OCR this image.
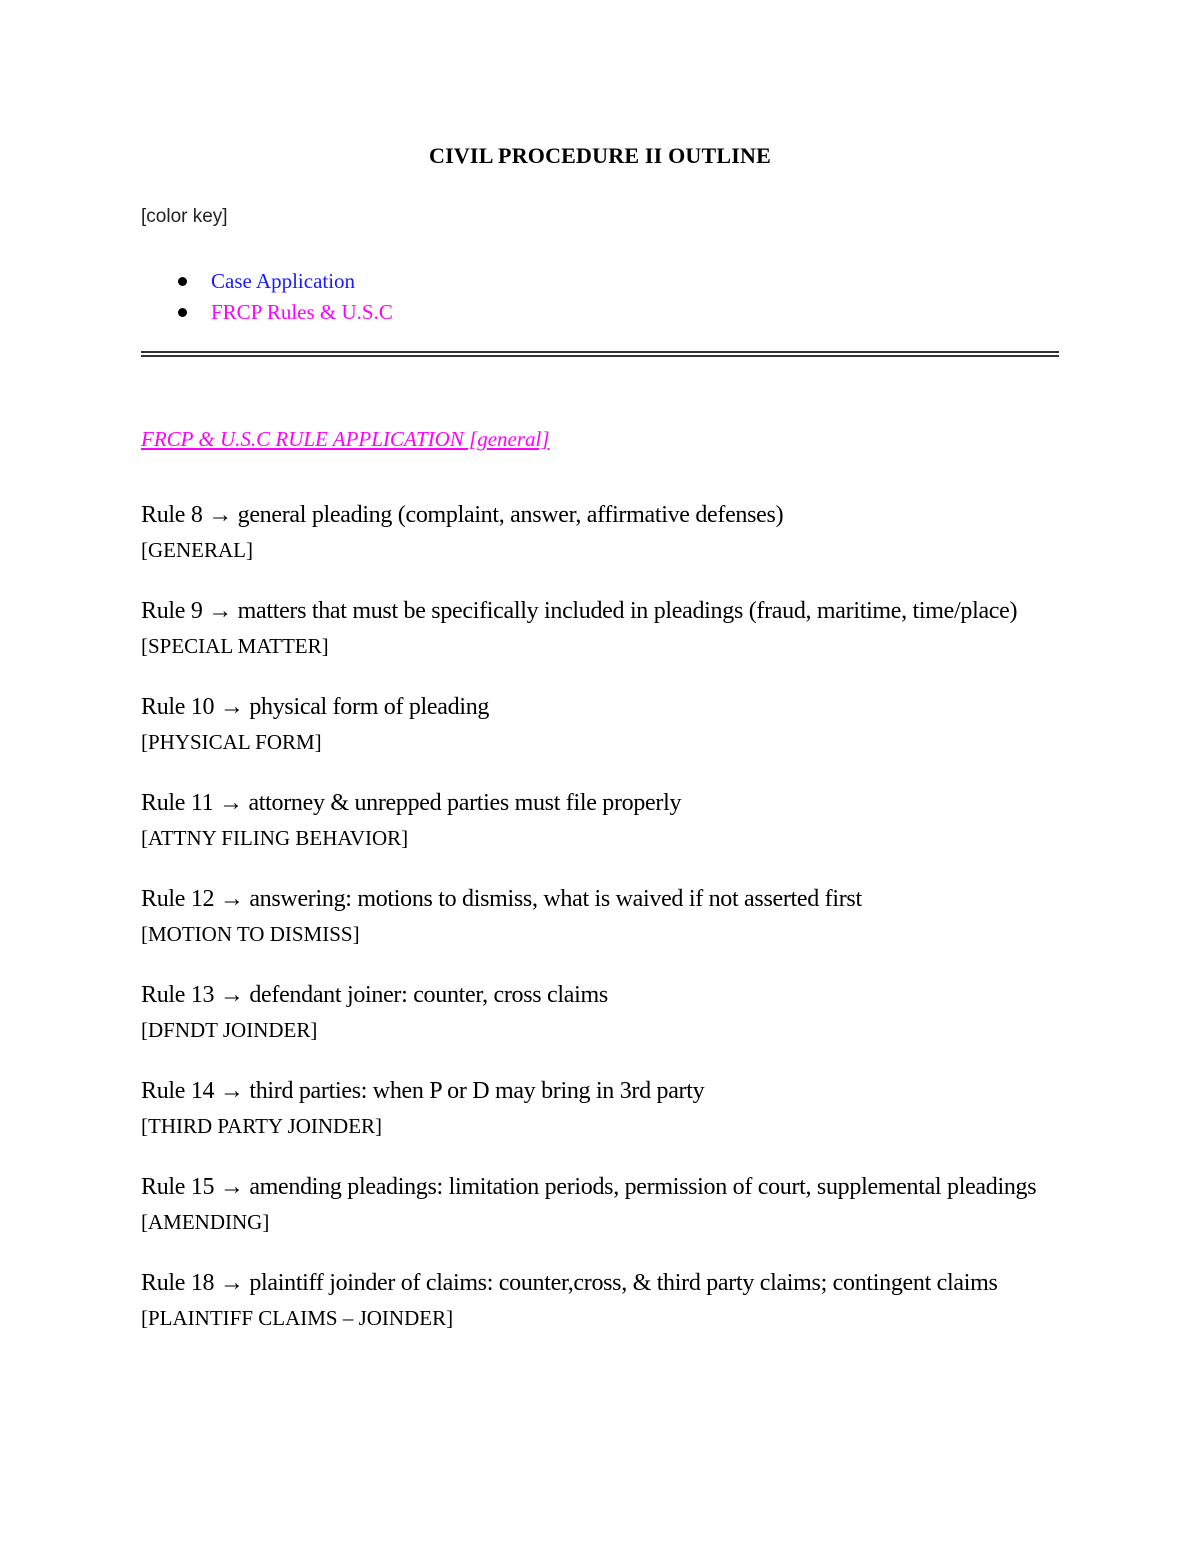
CIVIL PROCEDURE II OUTLINE
[color key]
Case Application
FRCP Rules & U.S.C
FRCP & U.S.C RULE APPLICATION [general]
Rule 8 → general pleading (complaint, answer, affirmative defenses)
[GENERAL]
Rule 9 → matters that must be specifically included in pleadings (fraud, maritime, time/place)
[SPECIAL MATTER]
Rule 10 → physical form of pleading
[PHYSICAL FORM]
Rule 11 → attorney & unrepped parties must file properly
[ATTNY FILING BEHAVIOR]
Rule 12 → answering: motions to dismiss, what is waived if not asserted first
[MOTION TO DISMISS]
Rule 13 → defendant joiner: counter, cross claims
[DFNDT JOINDER]
Rule 14 → third parties: when P or D may bring in 3rd party
[THIRD PARTY JOINDER]
Rule 15 → amending pleadings: limitation periods, permission of court, supplemental pleadings
[AMENDING]
Rule 18 → plaintiff joinder of claims: counter,cross, & third party claims; contingent claims
[PLAINTIFF CLAIMS – JOINDER]
